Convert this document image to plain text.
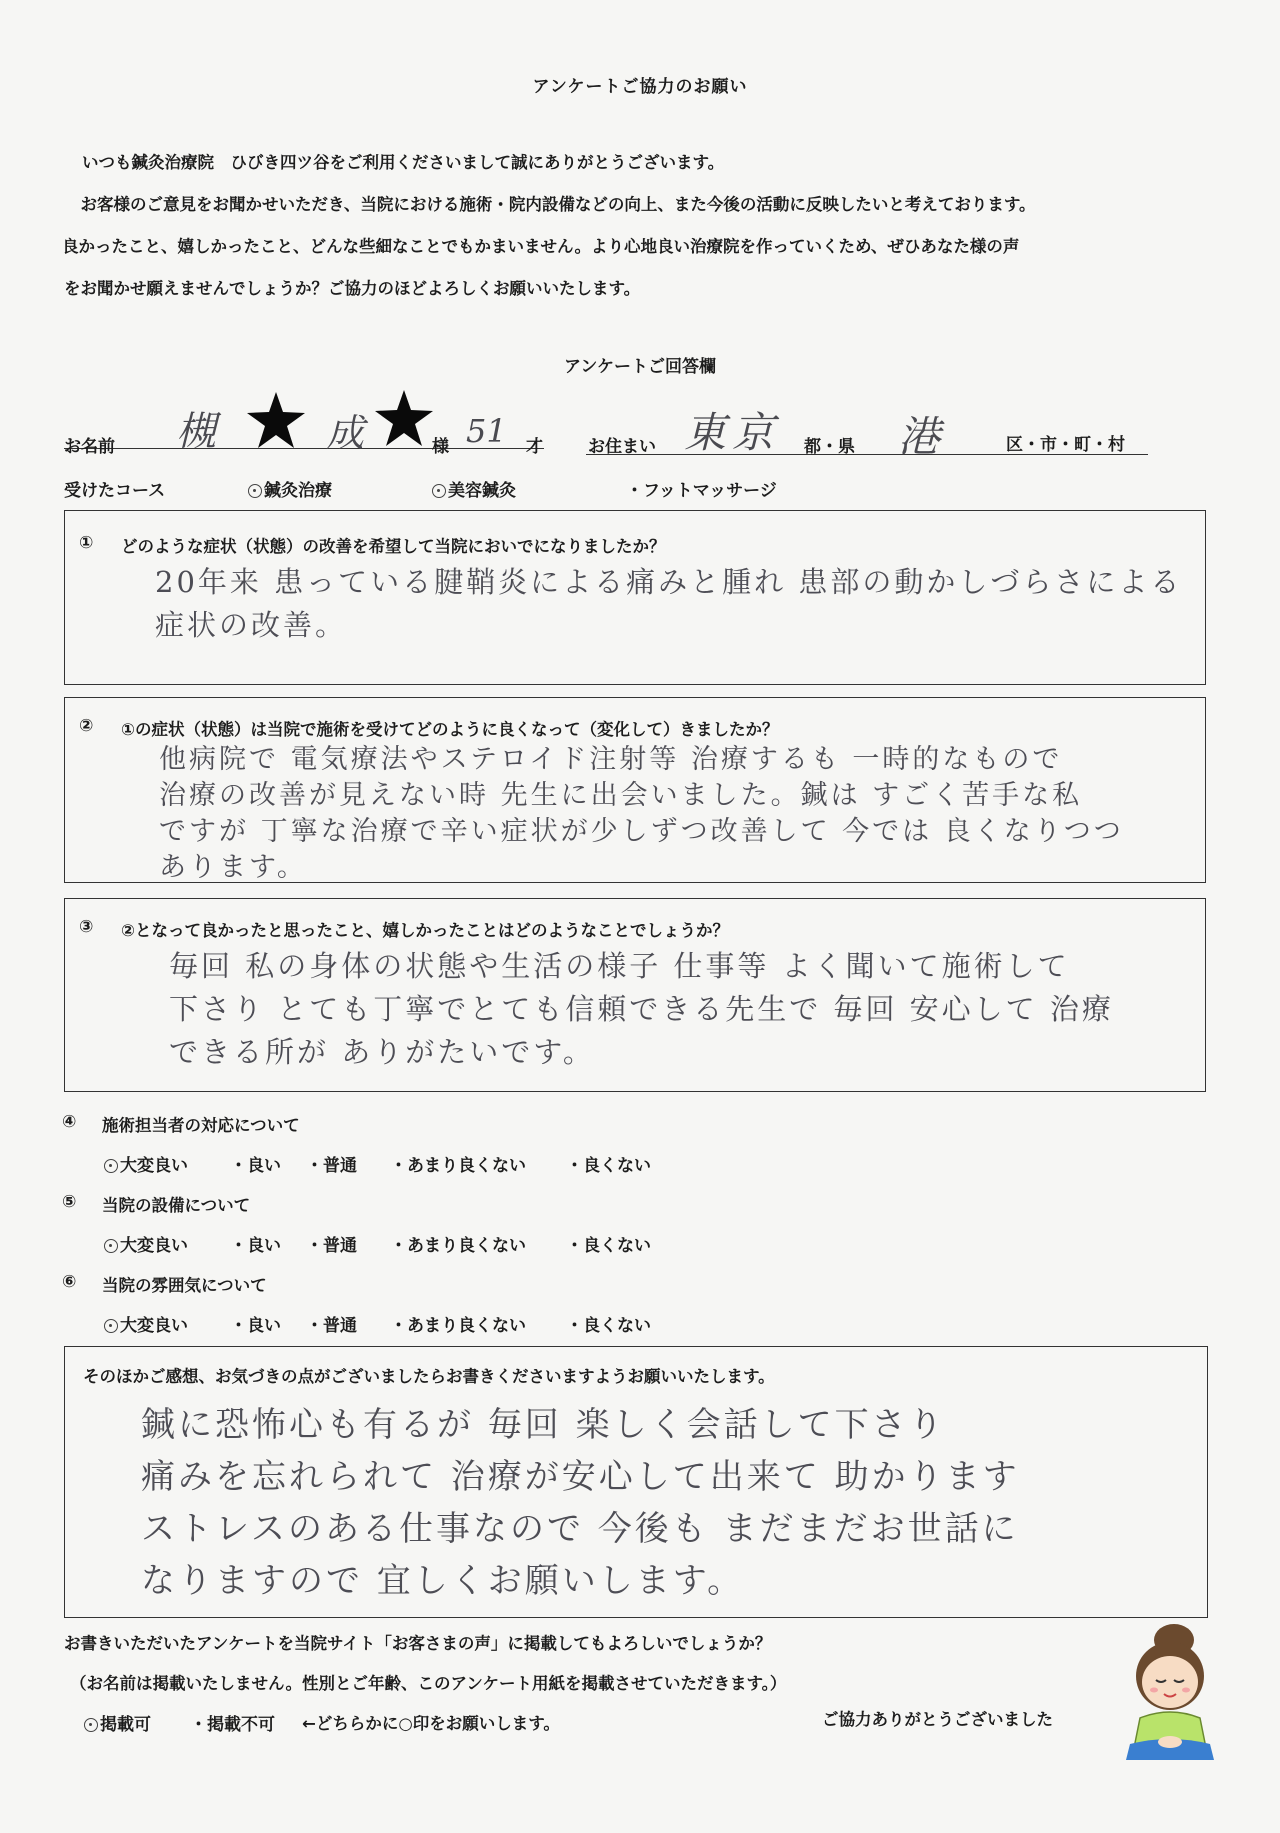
アンケートご協力のお願い

いつも鍼灸治療院　ひびき四ツ谷をご利用くださいまして誠にありがとうございます。

　お客様のご意見をお聞かせいただき、当院における施術・院内設備などの向上、また今後の活動に反映したいと考えております。

良かったこと、嬉しかったこと、どんな些細なことでもかまいません。より心地良い治療院を作っていくため、ぜひあなた様の声

をお聞かせ願えませんでしょうか？ご協力のほどよろしくお願いいたします。

アンケートご回答欄
お名前 槻	成	様 51 才	お住まい 東京 都・県 港	区・市・町・村
受けたコース	鍼灸治療	美容鍼灸	・フットマッサージ
① どのような症状（状態）の改善を希望して当院においでになりましたか？
20年来 患っている腱鞘炎による痛みと腫れ 患部の動かしづらさによる
症状の改善。
② ①の症状（状態）は当院で施術を受けてどのように良くなって（変化して）きましたか？
他病院で 電気療法やステロイド注射等 治療するも 一時的なもので
治療の改善が見えない時 先生に出会いました。鍼は すごく苦手な私
ですが 丁寧な治療で辛い症状が少しずつ改善して 今では 良くなりつつ
あります。
③ ②となって良かったと思ったこと、嬉しかったことはどのようなことでしょうか？
毎回 私の身体の状態や生活の様子 仕事等 よく聞いて施術して
下さり とても丁寧でとても信頼できる先生で 毎回 安心して 治療
できる所が ありがたいです。
④ 施術担当者の対応について
大変良い ・良い ・普通 ・あまり良くない ・良くない
⑤ 当院の設備について
大変良い ・良い ・普通 ・あまり良くない ・良くない
⑥ 当院の雰囲気について
大変良い ・良い ・普通 ・あまり良くない ・良くない
そのほかご感想、お気づきの点がございましたらお書きくださいますようお願いいたします。
鍼に恐怖心も有るが 毎回 楽しく会話して下さり
痛みを忘れられて 治療が安心して出来て 助かります
ストレスのある仕事なので 今後も まだまだお世話に
なりますので 宜しくお願いします。
お書きいただいたアンケートを当院サイト「お客さまの声」に掲載してもよろしいでしょうか？
（お名前は掲載いたしません。性別とご年齢、このアンケート用紙を掲載させていただきます。）
掲載可 ・掲載不可 ←どちらかに○印をお願いします。	ご協力ありがとうございました
